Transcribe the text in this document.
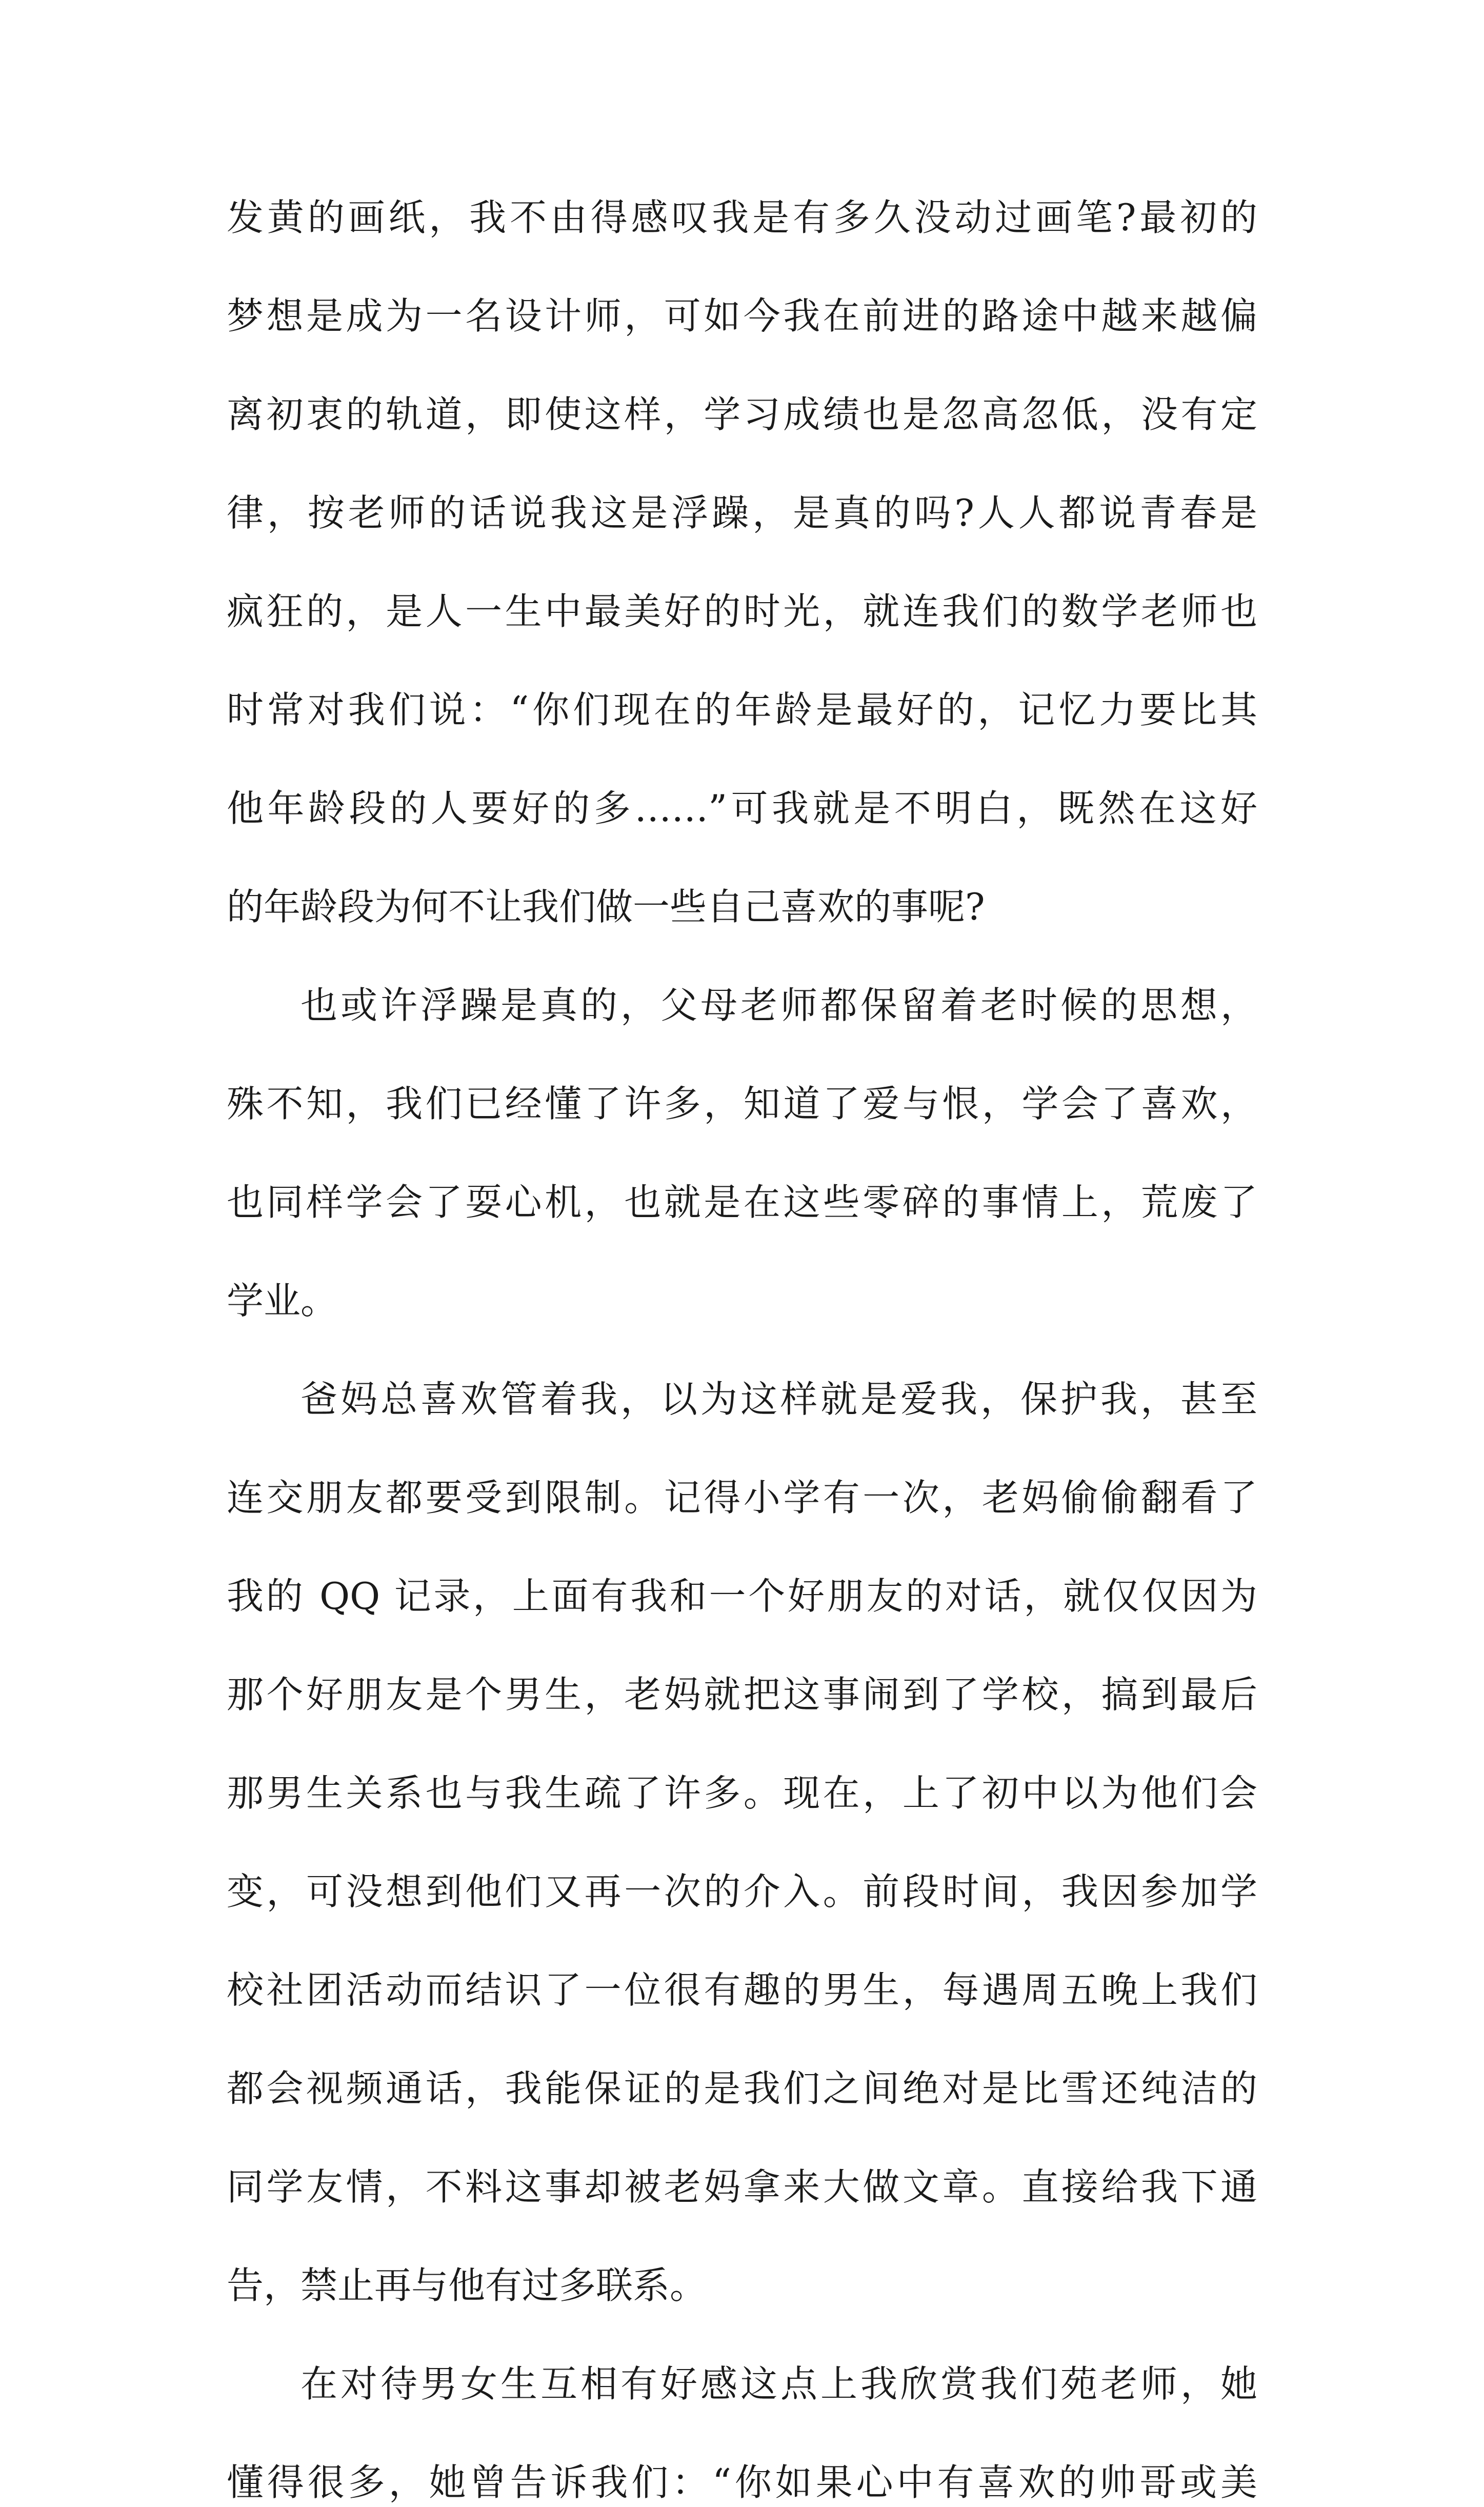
发黄的画纸，我不由得感叹我是有多久没动过画笔?最初的

梦想是成为一名设计师，可如今我在前进的路途中越来越偏

离初衷的轨道，即使这样，学习成绩也是忽高忽低，没有定

律，按老师的话说我这是浮躁，是真的吗?人人都说青春是

疯狂的，是人一生中最美好的时光，就连我们的数学老师也

时常对我们说：“你们现在的年龄是最好的，记忆力要比其

他年龄段的人要好的多……”可我就是不明白，既然在这好

的年龄段为何不让我们做一些自己喜欢的事呢?

也或许浮躁是真的，父母老师都保留着老时候的思想，

殊不知，我们已经懂了许多，知道了爱与恨，学会了喜欢，

也同样学会了耍心机，也就是在这些零碎的事情上，荒废了

学业。

爸妈总喜欢管着我，以为这样就是爱我，保护我，甚至

连交朋友都要受到限制。记得小学有一次，老妈偷偷翻看了

我的 QQ 记录，上面有我和一个好朋友的对话，就仅仅因为

那个好朋友是个男生，老妈就把这事闹到了学校，搞到最后

那男生关系也与我生疏了许多。现在，上了初中以为他们会

变，可没想到他们又再一次的介入。前段时间，我因参加学

校社团活动而结识了一位很有趣的男生，每遇周五晚上我们

都会视频通话，我能保证的是我们之间绝对是比雪还纯洁的

同学友情，不料这事却被老妈拿来大做文章。直接给我下通

告，禁止再与他有过多联系。

在对待男女生互相有好感这点上我欣赏我们苑老师，她

懂得很多，她曾告诉我们：“你如果心中有喜欢的帅哥或美
